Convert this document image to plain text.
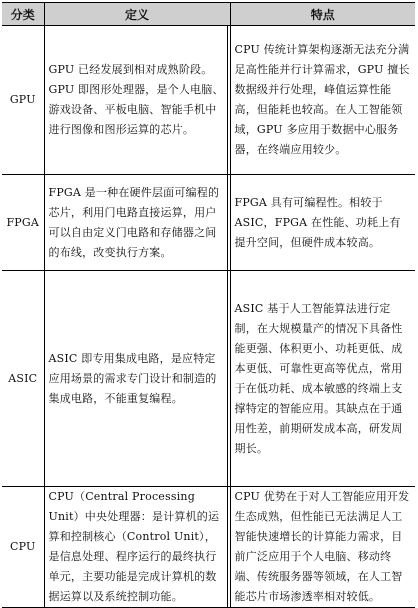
分类	定义	特点
GPU	GPU 已经发展到相对成熟阶段。GPU 即图形处理器，是个人电脑、游戏设备、平板电脑、智能手机中进行图像和图形运算的芯片。	CPU 传统计算架构逐渐无法充分满足高性能并行计算需求，GPU 擅长数据级并行处理，峰值运算性能高，但能耗也较高。在人工智能领域，GPU 多应用于数据中心服务器，在终端应用较少。
FPGA	FPGA 是一种在硬件层面可编程的芯片，利用门电路直接运算，用户可以自由定义门电路和存储器之间的布线，改变执行方案。	FPGA 具有可编程性。相较于 ASIC，FPGA 在性能、功耗上有提升空间，但硬件成本较高。
ASIC	ASIC 即专用集成电路，是应特定应用场景的需求专门设计和制造的集成电路，不能重复编程。	ASIC 基于人工智能算法进行定制，在大规模量产的情况下具备性能更强、体积更小、功耗更低、成本更低、可靠性更高等优点，常用于在低功耗、成本敏感的终端上支撑特定的智能应用。其缺点在于通用性差，前期研发成本高，研发周期长。
CPU	CPU（Central Processing Unit）中央处理器：是计算机的运算和控制核心（Control Unit），是信息处理、程序运行的最终执行单元，主要功能是完成计算机的数据运算以及系统控制功能。	CPU 优势在于对人工智能应用开发生态成熟，但性能已无法满足人工智能快速增长的计算能力需求，目前广泛应用于个人电脑、移动终端、传统服务器等领域，在人工智能芯片市场渗透率相对较低。
